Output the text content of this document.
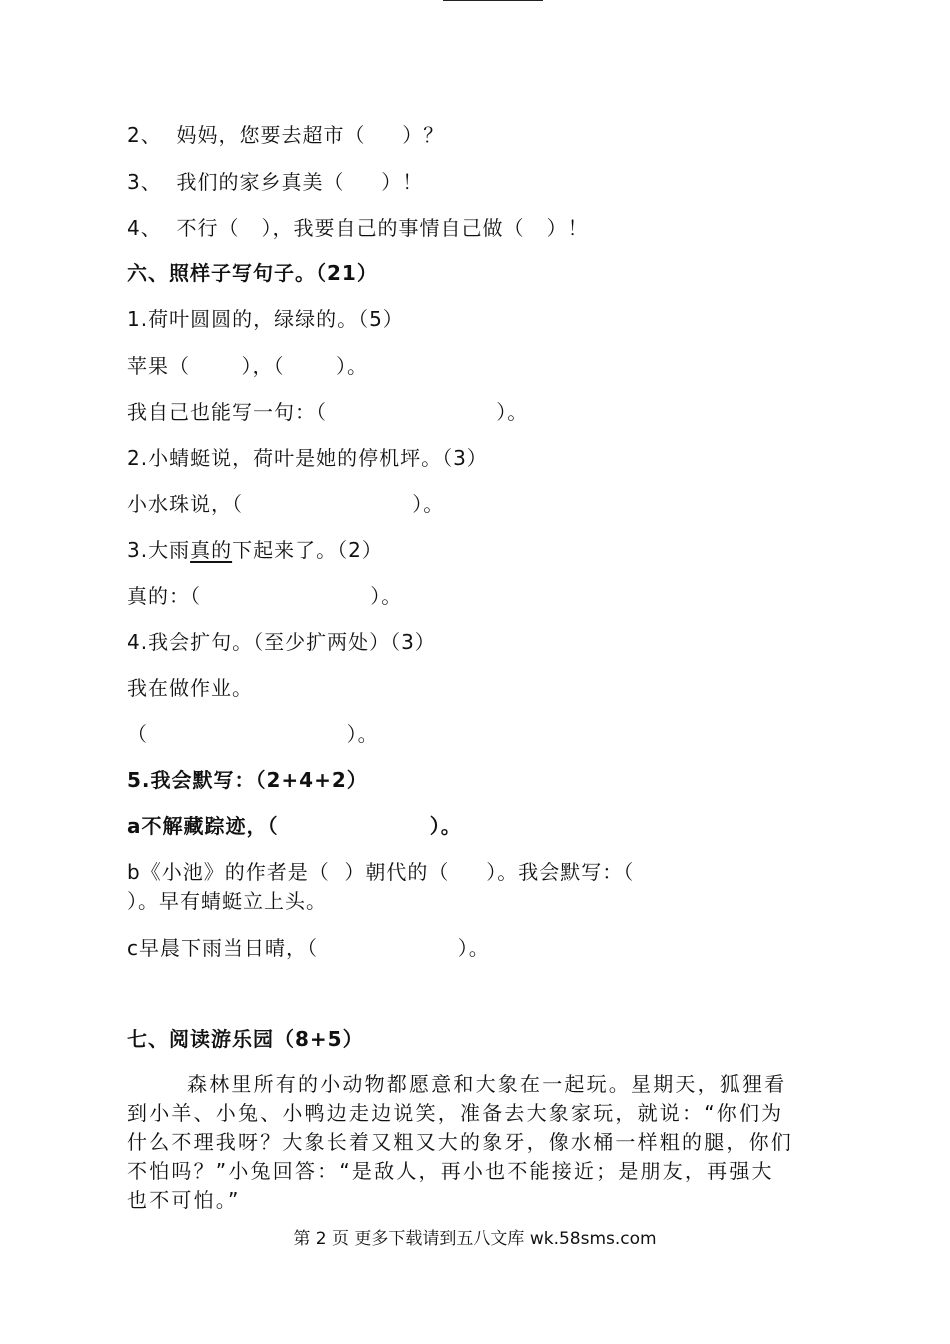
2、  妈妈，您要去超市（     ）？
3、  我们的家乡真美（     ）！
4、  不行（   ），我要自己的事情自己做（   ）！
六、照样子写句子。（21）
1.荷叶圆圆的，绿绿的。（5）
苹果（       ），（       ）。
我自己也能写一句：（                       ）。
2.小蜻蜓说，荷叶是她的停机坪。（3）
小水珠说，（                       ）。
3.大雨真的下起来了。（2）
真的：（                       ）。
4.我会扩句。（至少扩两处）（3）
我在做作业。
（                           ）。
5.我会默写：（2+4+2）
a不解藏踪迹，（                   ）。
b《小池》的作者是（  ）朝代的（     ）。我会默写：（
）。早有蜻蜓立上头。
c早晨下雨当日晴，（                   ）。
七、阅读游乐园（8+5）
森林里所有的小动物都愿意和大象在一起玩。星期天，狐狸看
到小羊、小兔、小鸭边走边说笑，准备去大象家玩，就说：“你们为
什么不理我呀？大象长着又粗又大的象牙，像水桶一样粗的腿，你们
不怕吗？”小兔回答：“是敌人，再小也不能接近；是朋友，再强大
也不可怕。”
第 2 页 更多下载请到五八文库 wk.58sms.com
